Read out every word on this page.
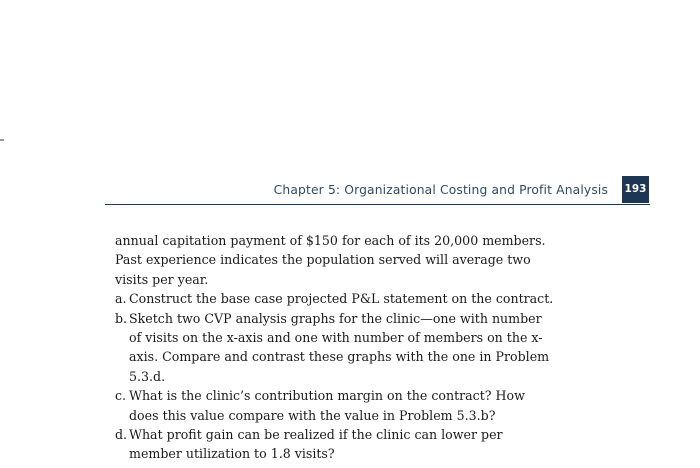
Chapter 5: Organizational Costing and Profit Analysis 193

annual capitation payment of $150 for each of its 20,000 members. Past experience indicates the population served will average two visits per year.

a. Construct the base case projected P&L statement on the contract.
b. Sketch two CVP analysis graphs for the clinic—one with number of visits on the x-axis and one with number of members on the x-axis. Compare and contrast these graphs with the one in Problem 5.3.d.
c. What is the clinic’s contribution margin on the contract? How does this value compare with the value in Problem 5.3.b?
d. What profit gain can be realized if the clinic can lower per member utilization to 1.8 visits?
